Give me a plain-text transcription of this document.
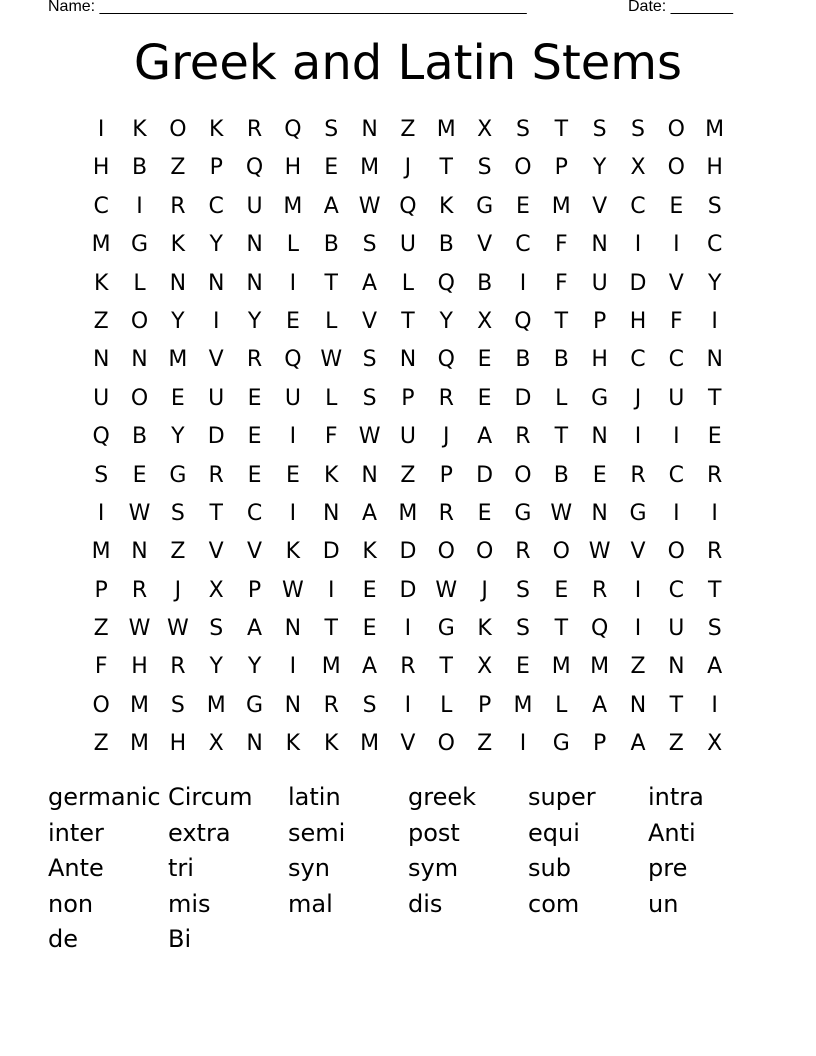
Name: ________________________________________________

	Date: _______

Greek and Latin Stems
I	K	O	K	R	Q	S	N	Z M X	S	T	S	S	O M
H	B	Z	P	Q H	E M	J	T	S	O	P	Y	X	O H
C	I	R	C	U M A W Q	K	G	E M V	C	E	S
M G	K	Y	N	L	B	S	U	B	V	C	F	N	I	I	C
K	L	N N N	I	T	A	L	Q	B	I	F	U D	V	Y
Z	O	Y	I	Y	E	L	V	T	Y	X	Q	T	P	H	F	I
N N M V	R	Q W S	N Q	E	B	B	H	C	C	N
U O	E	U	E	U	L	S	P	R	E	D	L	G	J	U	T
Q	B	Y	D	E	I	F W U	J	A	R	T	N	I	I	E
S	E	G	R	E	E	K	N	Z	P	D O	B	E	R	C	R
I	W S	T	C	I	N	A M R	E	G W N G	I	I
M N	Z	V	V	K	D	K	D O O	R	O W V	O	R
P	R	J	X	P W	I	E	D W	J	S	E	R	I	C	T
Z W W S	A	N	T	E	I	G	K	S	T	Q	I	U	S
F	H	R	Y	Y	I	M A	R	T	X	E M M Z	N	A
O M S M G N	R	S	I	L	P	M	L	A	N	T	I
Z M H	X	N	K	K M V	O	Z	I	G	P	A	Z	X
germanic Circum	latin	greek	super	intra
inter	extra	semi	post	equi	Anti
Ante	tri	syn	sym	sub	pre
non	mis	mal	dis	com	un
de	Bi
